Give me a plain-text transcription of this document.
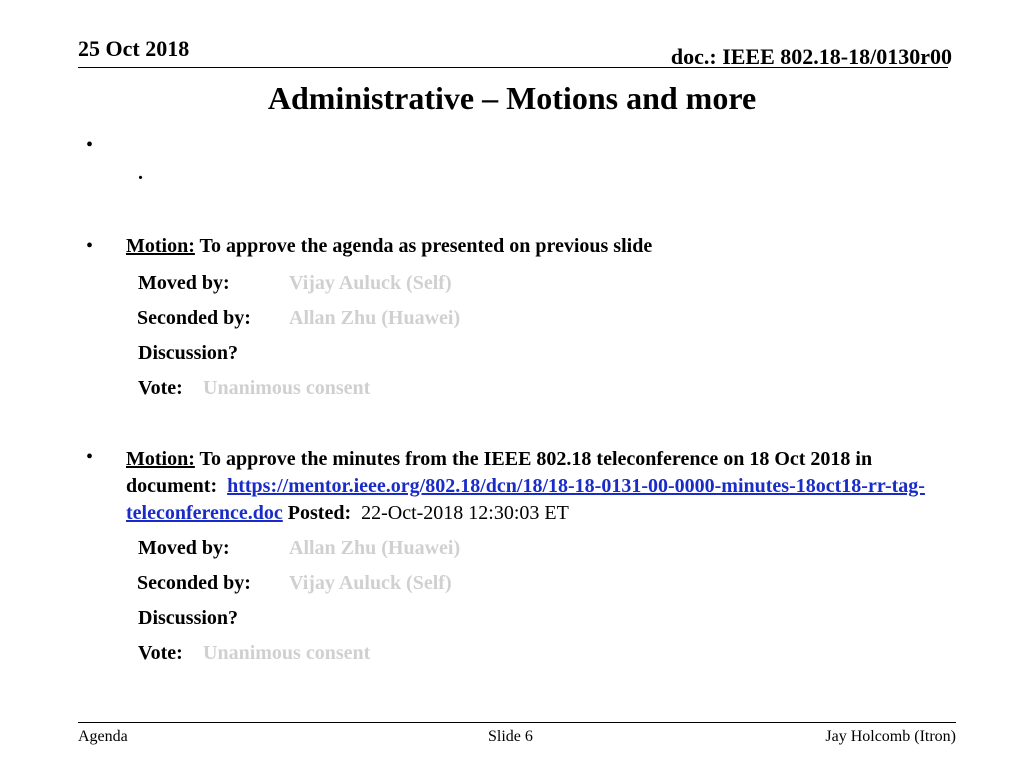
25 Oct 2018	doc.: IEEE 802.18-18/0130r00
Administrative – Motions and more
•
.
• Motion: To approve the agenda as presented on previous slide
Moved by:	Vijay Auluck (Self)
Seconded by: Allan Zhu (Huawei)
Discussion?
Vote: Unanimous consent
• Motion: To approve the minutes from the IEEE 802.18 teleconference on 18 Oct 2018 in document: https://mentor.ieee.org/802.18/dcn/18/18-18-0131-00-0000-minutes-18oct18-rr-tag-teleconference.doc Posted: 22-Oct-2018 12:30:03 ET
Moved by:	Allan Zhu (Huawei)
Seconded by: Vijay Auluck (Self)
Discussion?
Vote: Unanimous consent
Agenda	Slide 6	Jay Holcomb (Itron)
